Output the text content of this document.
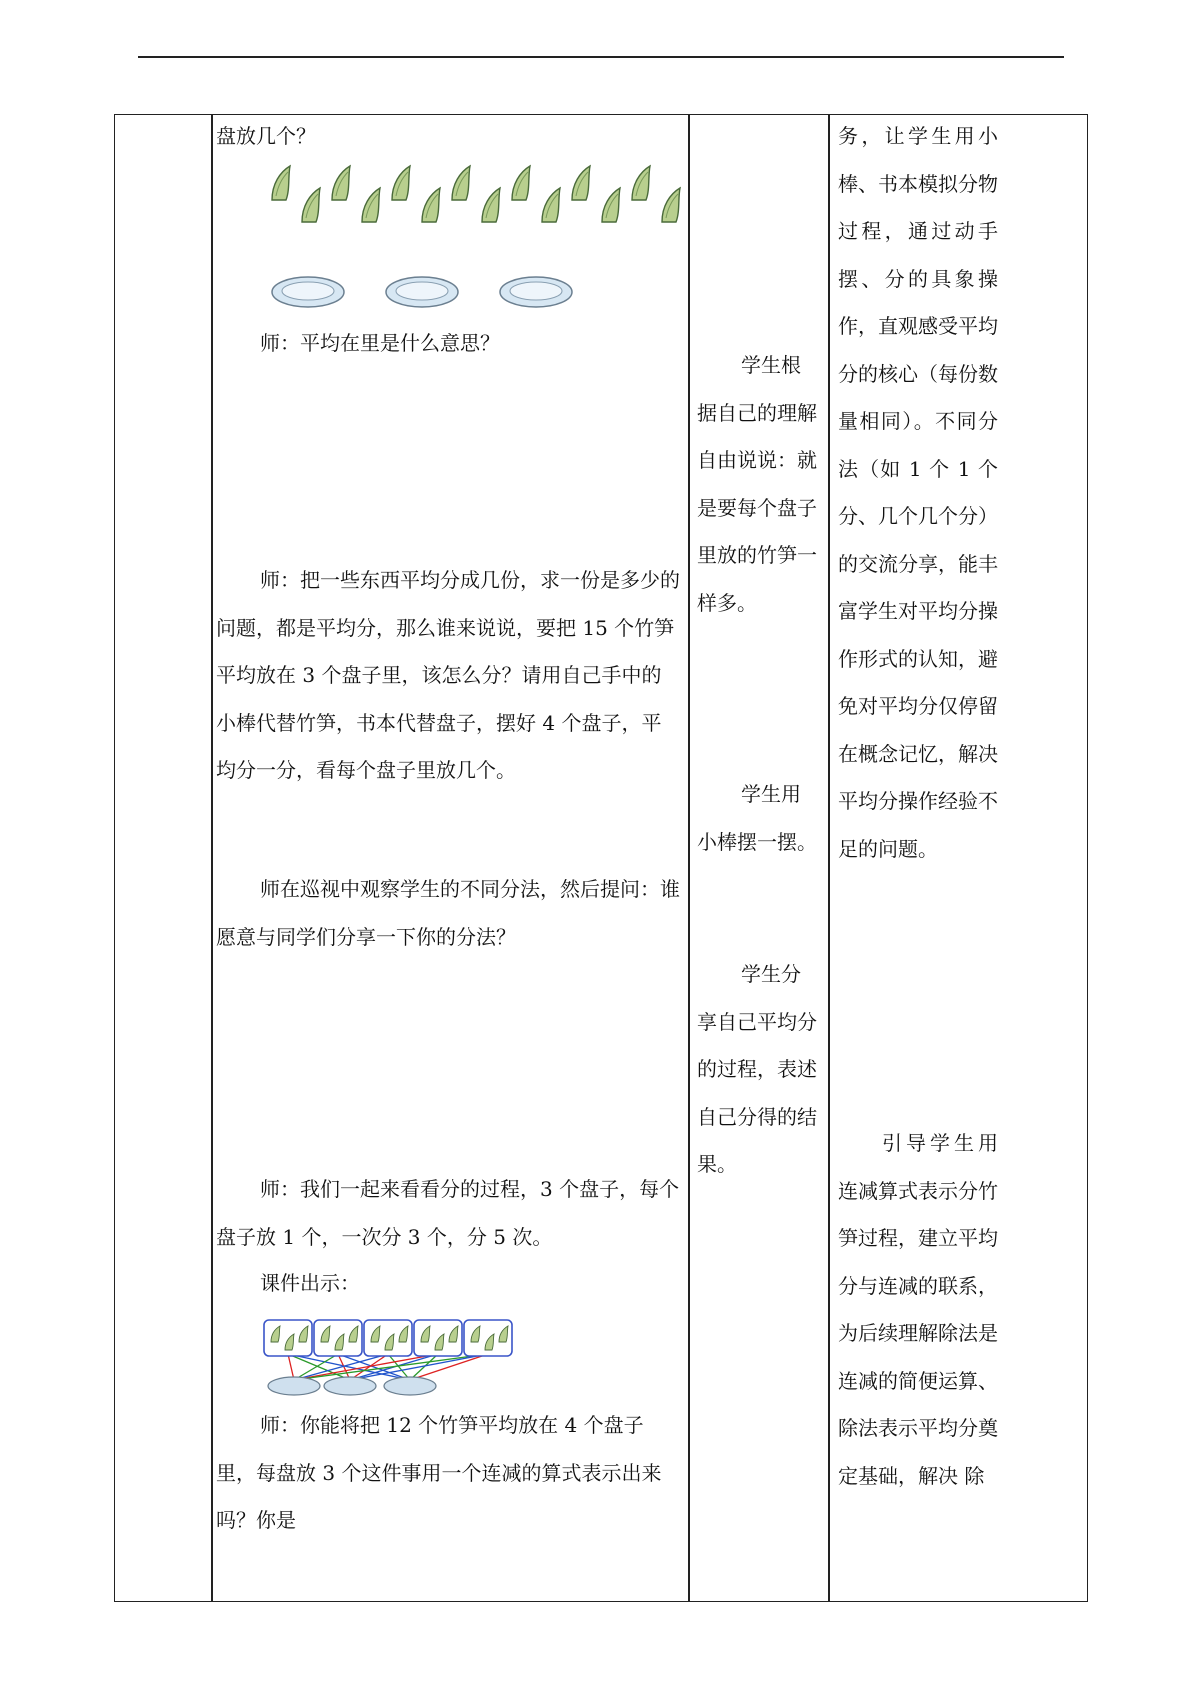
盘放几个？
师：平均在里是什么意思？
师：把一些东西平均分成几份，求一份是多少的问题，都是平均分，那么谁来说说，要把 15 个竹笋平均放在 3 个盘子里，该怎么分？请用自己手中的小棒代替竹笋，书本代替盘子，摆好 4 个盘子，平均分一分，看每个盘子里放几个。
师在巡视中观察学生的不同分法，然后提问：谁愿意与同学们分享一下你的分法？
师：我们一起来看看分的过程，3 个盘子，每个盘子放 1 个，一次分 3 个，分 5 次。
课件出示：
师：你能将把 12 个竹笋平均放在 4 个盘子里，每盘放 3 个这件事用一个连减的算式表示出来吗？你是
学生根据自己的理解自由说说：就是要每个盘子里放的竹笋一样多。
学生用小棒摆一摆。
学生分享自己平均分的过程，表述自己分得的结果。
务，让学生用小棒、书本模拟分物过程，通过动手摆、分的具象操作，直观感受平均分的核心（每份数量相同）。不同分法（如 1 个 1 个分、几个几个分）的交流分享，能丰富学生对平均分操作形式的认知，避免对平均分仅停留在概念记忆，解决平均分操作经验不足的问题。
引导学生用连减算式表示分竹笋过程，建立平均分与连减的联系，为后续理解除法是连减的简便运算、除法表示平均分奠定基础，解决 除
